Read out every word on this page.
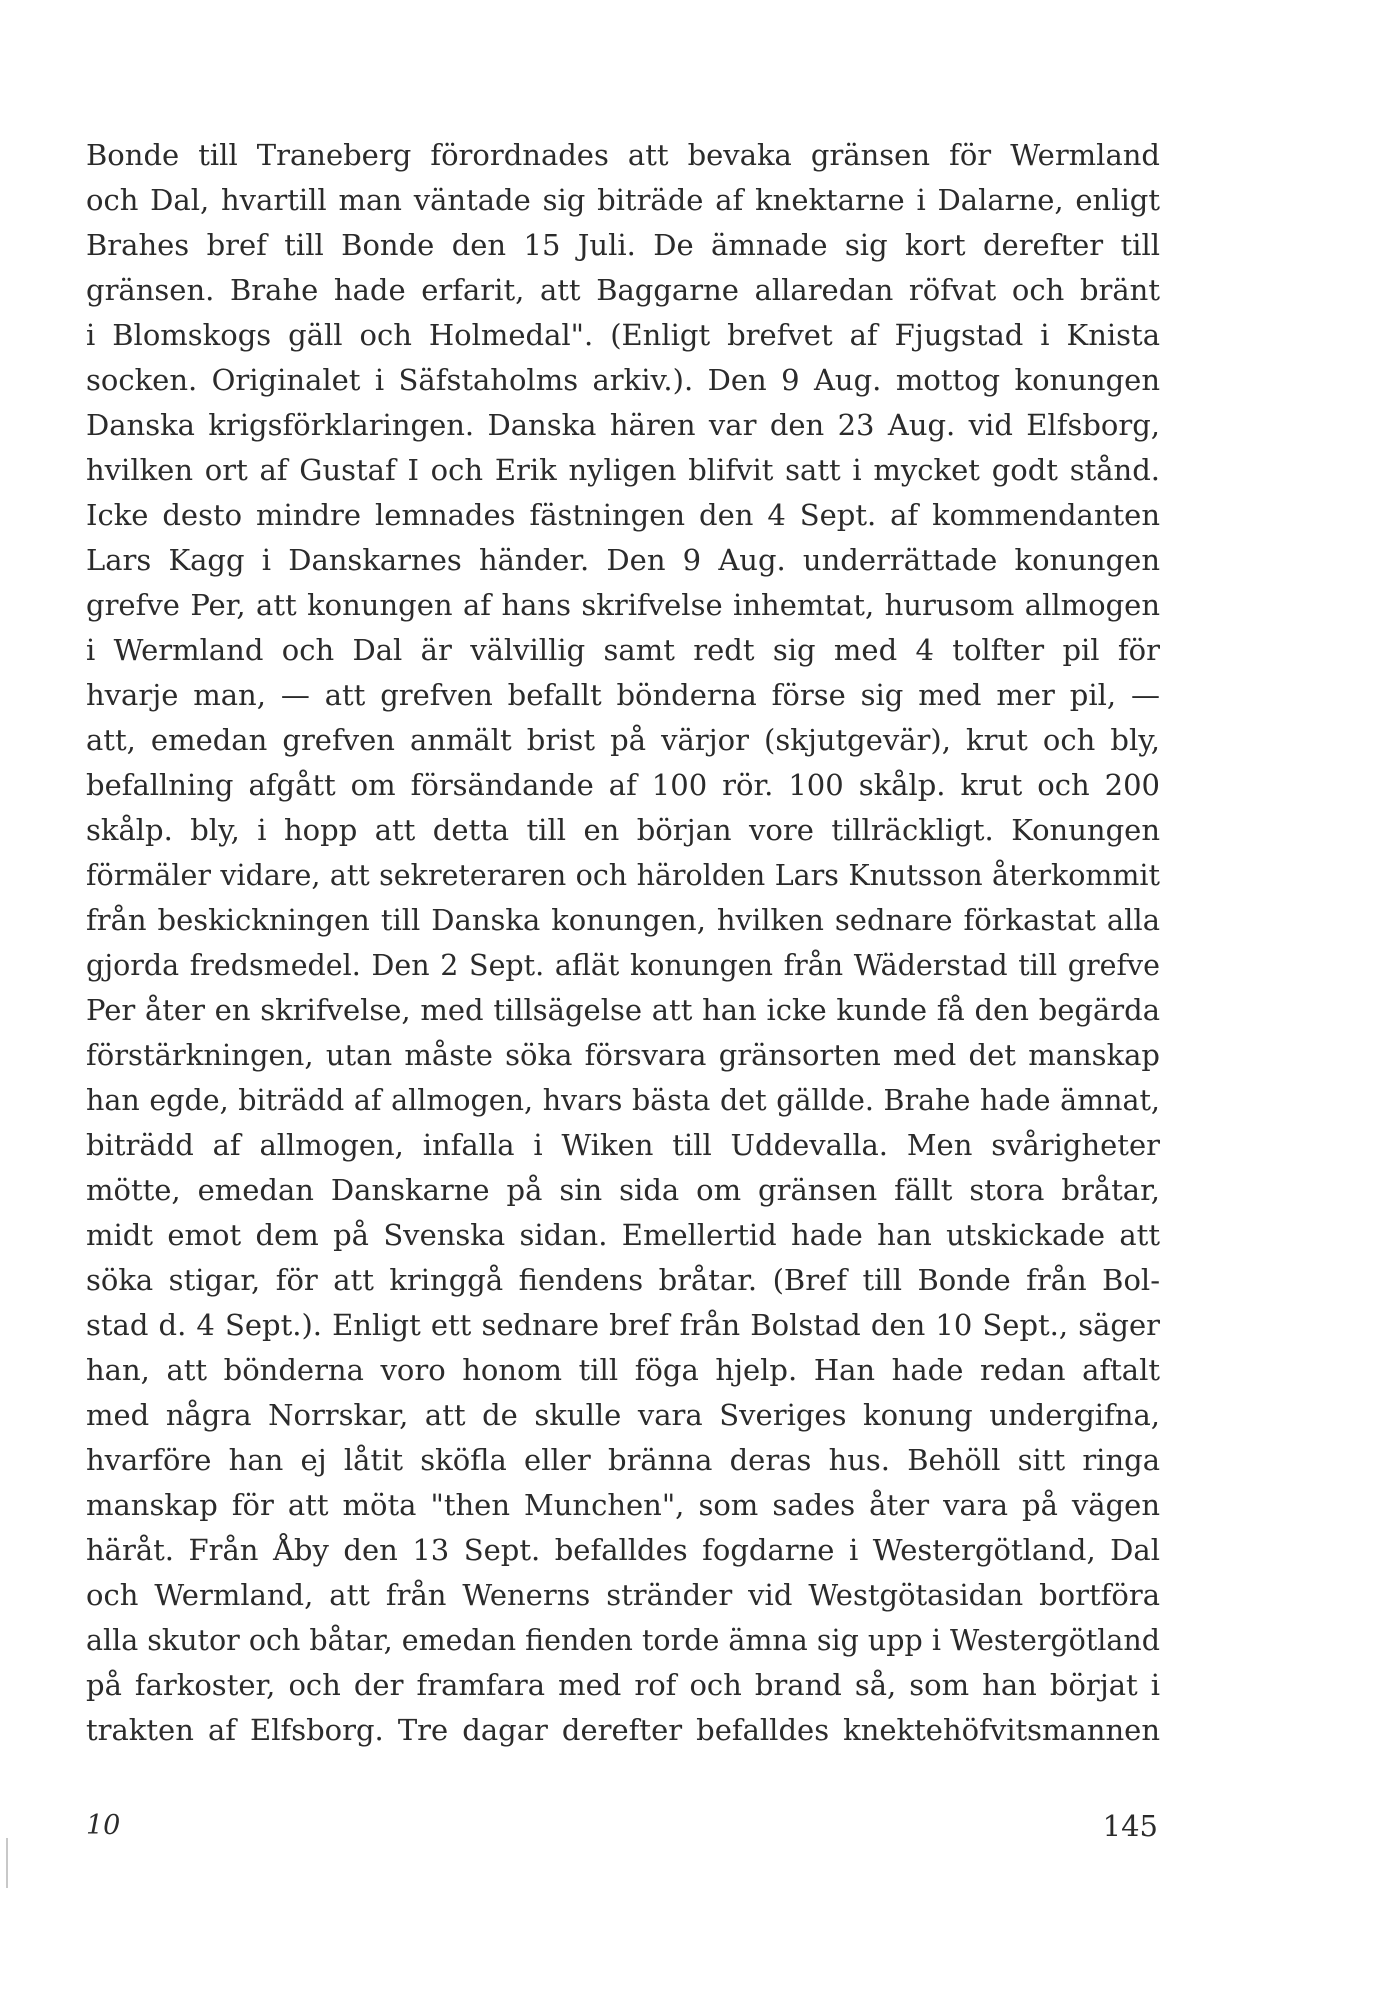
Bonde till Traneberg förordnades att bevaka gränsen för Wermland
och Dal, hvartill man väntade sig biträde af knektarne i Dalarne, enligt
Brahes bref till Bonde den 15 Juli. De ämnade sig kort derefter till
gränsen. Brahe hade erfarit, att Baggarne allaredan röfvat och bränt
i Blomskogs gäll och Holmedal". (Enligt brefvet af Fjugstad i Knista
socken. Originalet i Säfstaholms arkiv.). Den 9 Aug. mottog konungen
Danska krigsförklaringen. Danska hären var den 23 Aug. vid Elfsborg,
hvilken ort af Gustaf I och Erik nyligen blifvit satt i mycket godt stånd.
Icke desto mindre lemnades fästningen den 4 Sept. af kommendanten
Lars Kagg i Danskarnes händer. Den 9 Aug. underrättade konungen
grefve Per, att konungen af hans skrifvelse inhemtat, hurusom allmogen
i Wermland och Dal är välvillig samt redt sig med 4 tolfter pil för
hvarje man, — att grefven befallt bönderna förse sig med mer pil, —
att, emedan grefven anmält brist på värjor (skjutgevär), krut och bly,
befallning afgått om försändande af 100 rör. 100 skålp. krut och 200
skålp. bly, i hopp att detta till en början vore tillräckligt. Konungen
förmäler vidare, att sekreteraren och härolden Lars Knutsson återkommit
från beskickningen till Danska konungen, hvilken sednare förkastat alla
gjorda fredsmedel. Den 2 Sept. aflät konungen från Wäderstad till grefve
Per åter en skrifvelse, med tillsägelse att han icke kunde få den begärda
förstärkningen, utan måste söka försvara gränsorten med det manskap
han egde, biträdd af allmogen, hvars bästa det gällde. Brahe hade ämnat,
biträdd af allmogen, infalla i Wiken till Uddevalla. Men svårigheter
mötte, emedan Danskarne på sin sida om gränsen fällt stora bråtar,
midt emot dem på Svenska sidan. Emellertid hade han utskickade att
söka stigar, för att kringgå fiendens bråtar. (Bref till Bonde från Bol-
stad d. 4 Sept.). Enligt ett sednare bref från Bolstad den 10 Sept., säger
han, att bönderna voro honom till föga hjelp. Han hade redan aftalt
med några Norrskar, att de skulle vara Sveriges konung undergifna,
hvarföre han ej låtit sköfla eller bränna deras hus. Behöll sitt ringa
manskap för att möta "then Munchen", som sades åter vara på vägen
häråt. Från Åby den 13 Sept. befalldes fogdarne i Westergötland, Dal
och Wermland, att från Wenerns stränder vid Westgötasidan bortföra
alla skutor och båtar, emedan fienden torde ämna sig upp i Westergötland
på farkoster, och der framfara med rof och brand så, som han börjat i
trakten af Elfsborg. Tre dagar derefter befalldes knektehöfvitsmannen
10	145
